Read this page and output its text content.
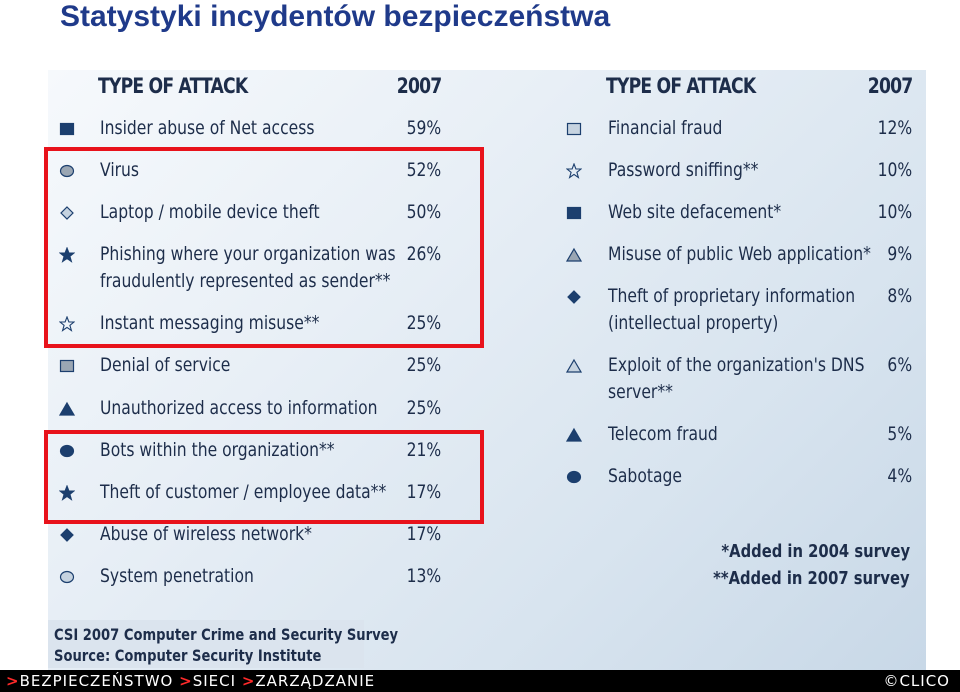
Statystyki incydentów bezpieczeństwa
TYPE OF ATTACK	2007	TYPE OF ATTACK	2007
Insider abuse of Net access	59%
Virus	52%
Laptop / mobile device theft	50%
Phishing where your organization was
fraudulently represented as sender**
26%
Instant messaging misuse**	25%
Denial of service	25%
Unauthorized access to information 25%
Bots within the organization**	21%
Theft of customer / employee data** 17%
Abuse of wireless network*	17%
System penetration	13%
Financial fraud	12%
Password sniffing**	10%
Web site defacement*	10%
Misuse of public Web application* 9%
Theft of proprietary information
(intellectual property)
8%
Exploit of the organization's DNS
server**
6%
Telecom fraud	5%
Sabotage	4%
*Added in 2004 survey
**Added in 2007 survey
CSI 2007 Computer Crime and Security Survey
Source: Computer Security Institute
>BEZPIECZEŃSTWO >SIECI >ZARZĄDZANIE	©CLICO
